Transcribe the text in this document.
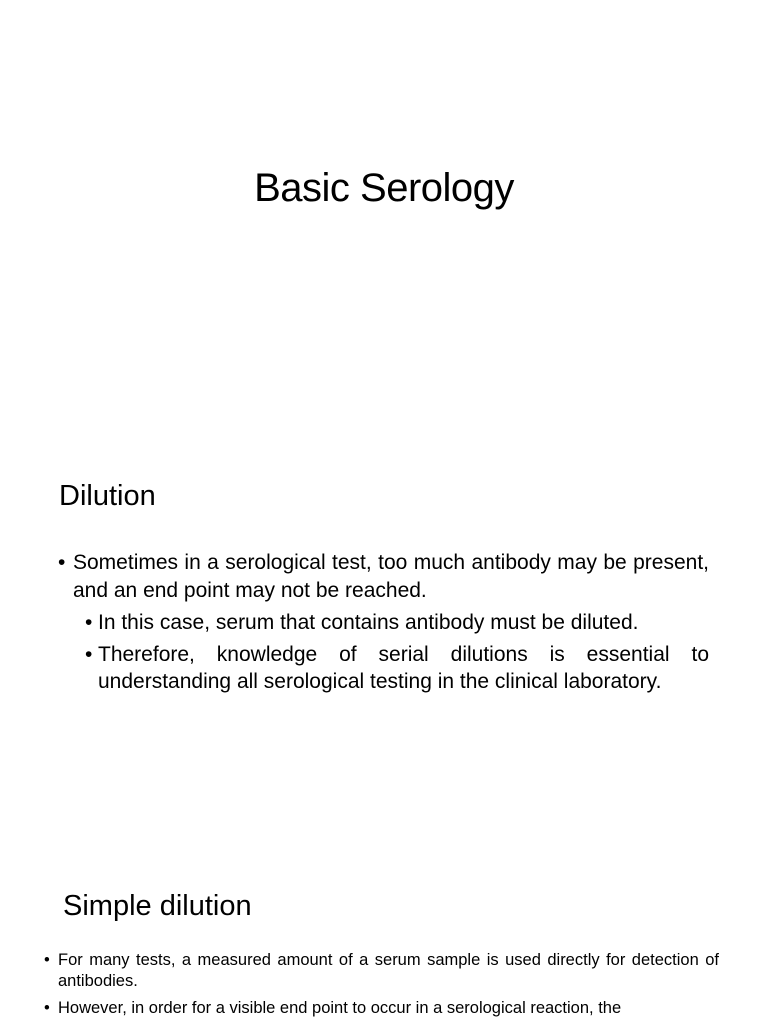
Basic Serology
Dilution
• Sometimes in a serological test, too much antibody may be present, and an end point may not be reached.
• In this case, serum that contains antibody must be diluted.
• Therefore, knowledge of serial dilutions is essential to understanding all serological testing in the clinical laboratory.
Simple dilution
• For many tests, a measured amount of a serum sample is used directly for detection of antibodies.
• However, in order for a visible end point to occur in a serological reaction, the
